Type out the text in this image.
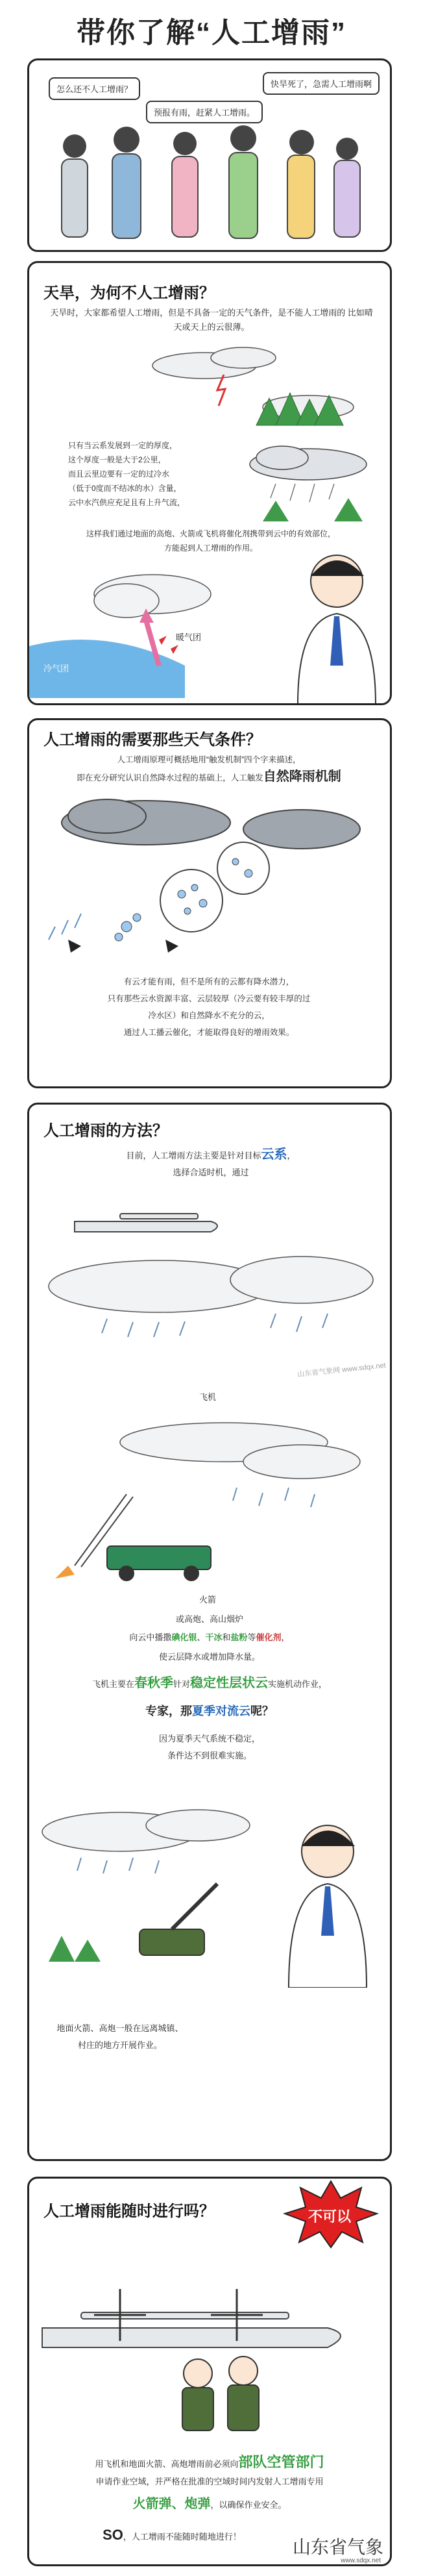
带你了解“人工增雨”
怎么还不人工增雨？
快旱死了，急需人工增雨啊
预报有雨，赶紧人工增雨。
天旱，为何不人工增雨？
天旱时，大家都希望人工增雨，但是不具备一定的天气条件，是不能人工增雨的 比如晴天或天上的云很薄。
只有当云系发展到一定的厚度，
这个厚度一般是大于2公里，
而且云里边要有一定的过冷水
（低于0度而不结冰的水）含量，
云中水汽供应充足且有上升气流，
这样我们通过地面的高炮、火箭或飞机将催化剂携带到云中的有效部位，
方能起到人工增雨的作用。
暖气团
冷气团
人工增雨的需要那些天气条件？
人工增雨原理可概括地用“触发机制”四个字来描述，
即在充分研究认识自然降水过程的基础上，人工触发自然降雨机制
有云才能有雨，但不是所有的云都有降水潜力，
只有那些云水资源丰富、云层较厚（冷云要有较丰厚的过
冷水区）和自然降水不充分的云，
通过人工播云催化，才能取得良好的增雨效果。
人工增雨的方法？
目前，人工增雨方法主要是针对目标云系，
选择合适时机，通过
飞机
火箭
或高炮、高山烟炉
向云中播撒碘化银、干冰和盐粉等催化剂，
使云层降水或增加降水量。
飞机主要在春秋季针对稳定性层状云实施机动作业，
专家，那夏季对流云呢？
因为夏季天气系统不稳定，
条件达不到很难实施。
地面火箭、高炮一般在远离城镇、
村庄的地方开展作业。
山东省气象网 www.sdqx.net
人工增雨能随时进行吗？	不可以
用飞机和地面火箭、高炮增雨前必须向部队空管部门
申请作业空域，并严格在批准的空域时间内发射人工增雨专用
火箭弹、炮弹，以确保作业安全。
SO，人工增雨不能随时随地进行！	山东省气象
www.sdqx.net
